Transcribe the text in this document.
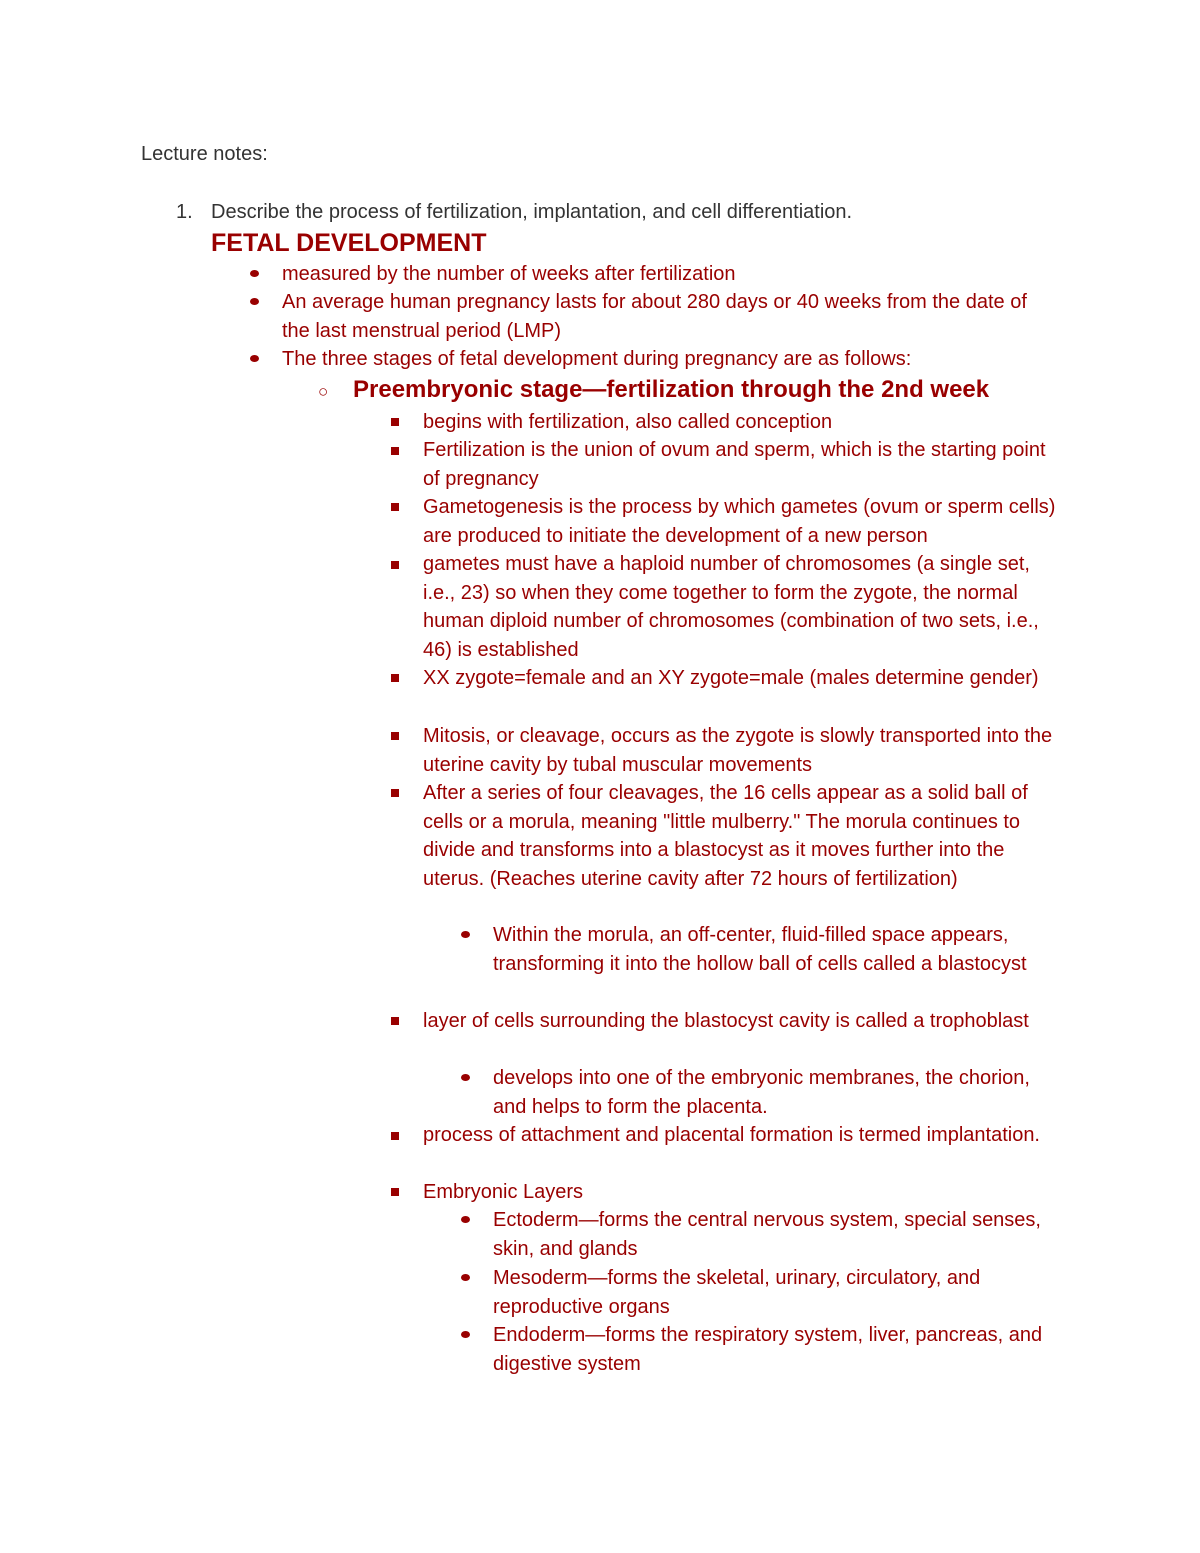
Lecture notes:
1. Describe the process of fertilization, implantation, and cell differentiation.
FETAL DEVELOPMENT
measured by the number of weeks after fertilization
An average human pregnancy lasts for about 280 days or 40 weeks from the date of the last menstrual period (LMP)
The three stages of fetal development during pregnancy are as follows:
○ Preembryonic stage—fertilization through the 2nd week
begins with fertilization, also called conception
Fertilization is the union of ovum and sperm, which is the starting point of pregnancy
Gametogenesis is the process by which gametes (ovum or sperm cells) are produced to initiate the development of a new person
gametes must have a haploid number of chromosomes (a single set, i.e., 23) so when they come together to form the zygote, the normal human diploid number of chromosomes (combination of two sets, i.e., 46) is established
XX zygote=female and an XY zygote=male (males determine gender)
Mitosis, or cleavage, occurs as the zygote is slowly transported into the uterine cavity by tubal muscular movements
After a series of four cleavages, the 16 cells appear as a solid ball of cells or a morula, meaning "little mulberry." The morula continues to divide and transforms into a blastocyst as it moves further into the uterus. (Reaches uterine cavity after 72 hours of fertilization)
Within the morula, an off-center, fluid-filled space appears, transforming it into the hollow ball of cells called a blastocyst
layer of cells surrounding the blastocyst cavity is called a trophoblast
develops into one of the embryonic membranes, the chorion, and helps to form the placenta.
process of attachment and placental formation is termed implantation.
Embryonic Layers
Ectoderm—forms the central nervous system, special senses, skin, and glands
Mesoderm—forms the skeletal, urinary, circulatory, and reproductive organs
Endoderm—forms the respiratory system, liver, pancreas, and digestive system
